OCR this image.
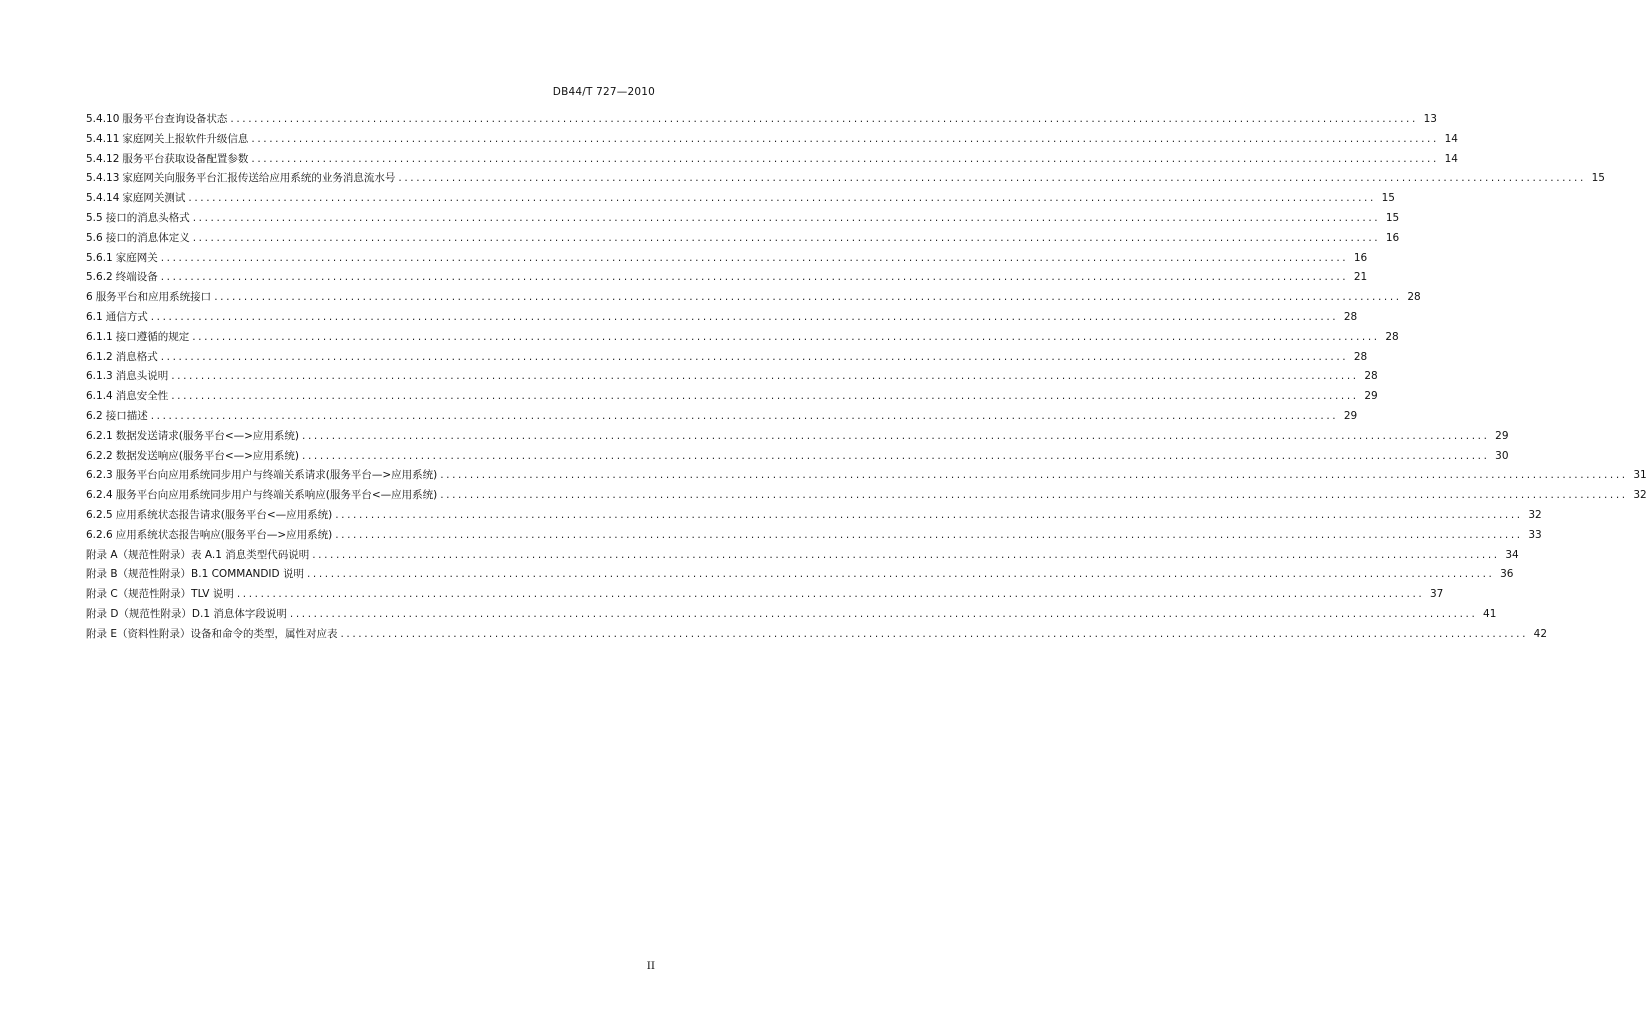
DB44/T 727—2010
5.4.10 服务平台查询设备状态 ........................................................................................................................................................................................................ 13
5.4.11 家庭网关上报软件升级信息 ........................................................................................................................................................................................................ 14
5.4.12 服务平台获取设备配置参数 ........................................................................................................................................................................................................ 14
5.4.13 家庭网关向服务平台汇报传送给应用系统的业务消息流水号 ........................................................................................................................................................................................................ 15
5.4.14 家庭网关测试 ........................................................................................................................................................................................................ 15
5.5 接口的消息头格式 ........................................................................................................................................................................................................ 15
5.6 接口的消息体定义 ........................................................................................................................................................................................................ 16
5.6.1 家庭网关 ........................................................................................................................................................................................................ 16
5.6.2 终端设备 ........................................................................................................................................................................................................ 21
6 服务平台和应用系统接口 ........................................................................................................................................................................................................ 28
6.1 通信方式 ........................................................................................................................................................................................................ 28
6.1.1 接口遵循的规定 ........................................................................................................................................................................................................ 28
6.1.2 消息格式 ........................................................................................................................................................................................................ 28
6.1.3 消息头说明 ........................................................................................................................................................................................................ 28
6.1.4 消息安全性 ........................................................................................................................................................................................................ 29
6.2 接口描述 ........................................................................................................................................................................................................ 29
6.2.1 数据发送请求(服务平台<—>应用系统) ........................................................................................................................................................................................................ 29
6.2.2 数据发送响应(服务平台<—>应用系统) ........................................................................................................................................................................................................ 30
6.2.3 服务平台向应用系统同步用户与终端关系请求(服务平台—>应用系统) ........................................................................................................................................................................................................ 31
6.2.4 服务平台向应用系统同步用户与终端关系响应(服务平台<—应用系统) ........................................................................................................................................................................................................ 32
6.2.5 应用系统状态报告请求(服务平台<—应用系统) ........................................................................................................................................................................................................ 32
6.2.6 应用系统状态报告响应(服务平台—>应用系统) ........................................................................................................................................................................................................ 33
附录 A（规范性附录）表 A.1 消息类型代码说明 ........................................................................................................................................................................................................ 34
附录 B（规范性附录）B.1 COMMANDID 说明 ........................................................................................................................................................................................................ 36
附录 C（规范性附录）TLV 说明 ........................................................................................................................................................................................................ 37
附录 D（规范性附录）D.1 消息体字段说明 ........................................................................................................................................................................................................ 41
附录 E（资料性附录）设备和命令的类型，属性对应表 ........................................................................................................................................................................................................ 42
II
